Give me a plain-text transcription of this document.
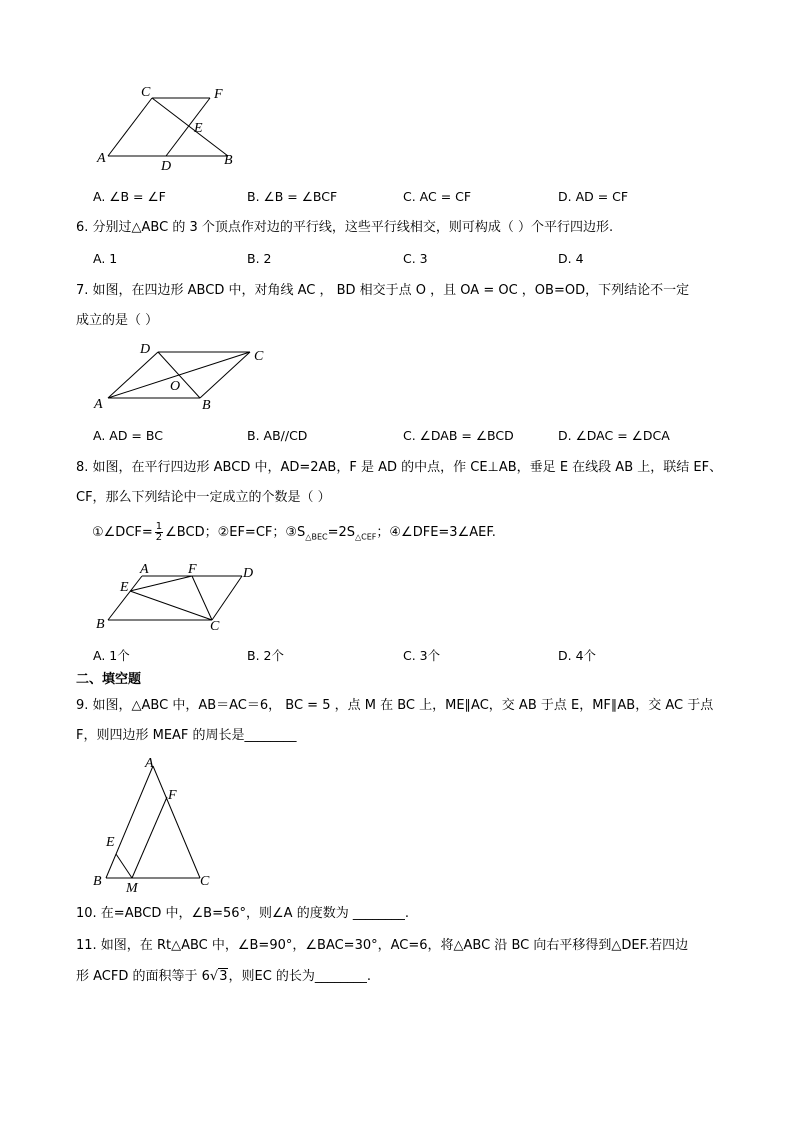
C	F
E
A
D	B
A. ∠B = ∠F	B. ∠B = ∠BCF	C. AC = CF	D. AD = CF
6. 分别过△ABC 的 3 个顶点作对边的平行线，这些平行线相交，则可构成（ ）个平行四边形.
A. 1	B. 2	C. 3	D. 4
7. 如图，在四边形 ABCD 中，对角线 AC ， BD 相交于点 O ，且 OA = OC ，OB=OD，下列结论不一定
成立的是（ ）
D	C
O
A	B
A. AD = BC	B. AB//CD	C. ∠DAB = ∠BCD	D. ∠DAC = ∠DCA
8. 如图，在平行四边形 ABCD 中，AD=2AB，F 是 AD 的中点，作 CE⊥AB，垂足 E 在线段 AB 上，联结 EF、
CF，那么下列结论中一定成立的个数是（ ）
①∠DCF= $\frac{1}{2}$ ∠BCD；②EF=CF；$③S_{\triangle BEC}=2S_{\triangle CEF}$；④∠DFE=3∠AEF.
A	F	D
E
B	C
A. 1个	B. 2个	C. 3个	D. 4个
二、填空题
9. 如图，△ABC 中，AB＝AC＝6， BC = 5 ，点 M 在 BC 上，ME∥AC，交 AB 于点 E，MF∥AB，交 AC 于点
F，则四边形 MEAF 的周长是________
A
F
E
B M	C
10. 在=ABCD 中，∠B=56°，则∠A 的度数为 ________.
11. 如图，在 Rt△ABC 中，∠B=90°，∠BAC=30°，AC=6，将△ABC 沿 BC 向右平移得到△DEF.若四边
形 ACFD 的面积等于 6√3，则EC 的长为________.
